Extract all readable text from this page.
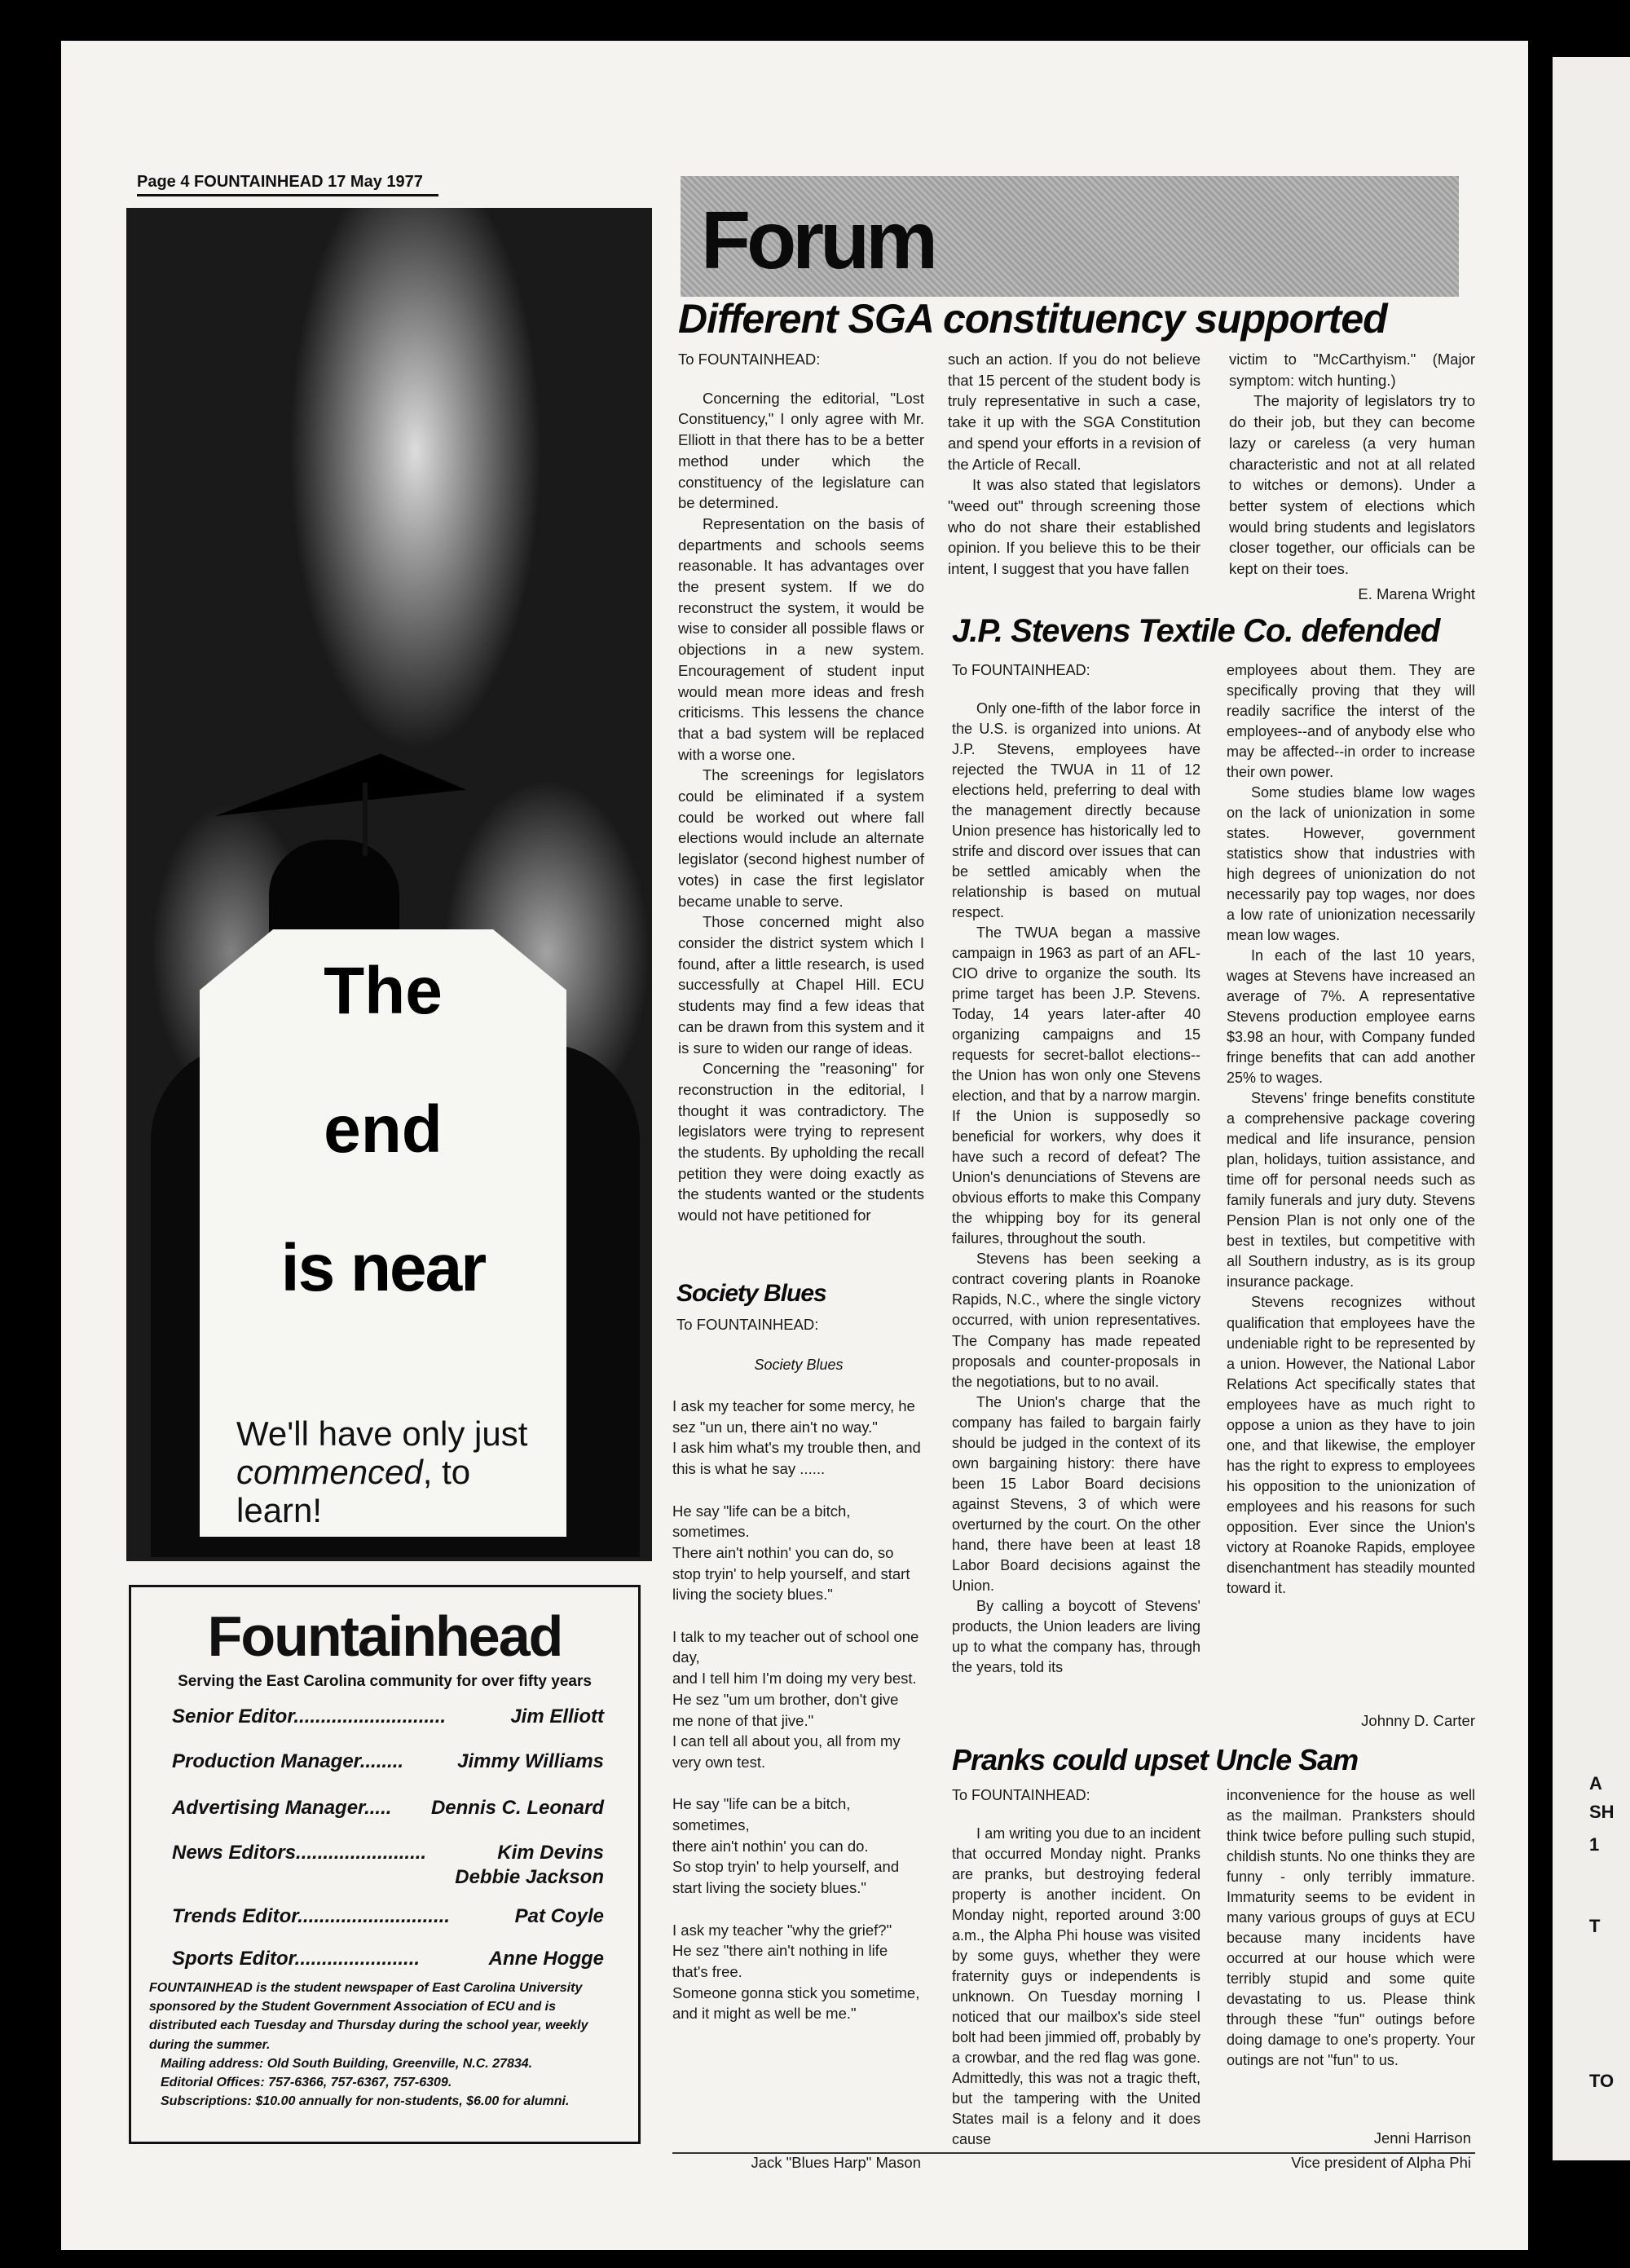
Page 4 FOUNTAINHEAD 17 May 1977
The
end
is near
We'll have only just commenced, to learn!
Fountainhead
Serving the East Carolina community for over fifty years
Senior Editor............................	Jim Elliott
Production Manager........	Jimmy Williams
Advertising Manager..... Dennis C. Leonard
News Editors........................	Kim Devins
Debbie Jackson
Trends Editor............................	Pat Coyle
Sports Editor.......................	Anne Hogge
FOUNTAINHEAD is the student newspaper of East Carolina University sponsored by the Student Government Association of ECU and is distributed each Tuesday and Thursday during the school year, weekly during the summer.
Mailing address: Old South Building, Greenville, N.C. 27834.
Editorial Offices: 757-6366, 757-6367, 757-6309.
Subscriptions: $10.00 annually for non-students, $6.00 for alumni.
Forum
Different SGA constituency supported

To FOUNTAINHEAD:

Concerning the editorial, "Lost Constituency," I only agree with Mr. Elliott in that there has to be a better method under which the constituency of the legislature can be determined.

Representation on the basis of departments and schools seems reasonable. It has advantages over the present system. If we do reconstruct the system, it would be wise to consider all possible flaws or objections in a new system. Encouragement of student input would mean more ideas and fresh criticisms. This lessens the chance that a bad system will be replaced with a worse one.

The screenings for legislators could be eliminated if a system could be worked out where fall elections would include an alternate legislator (second highest number of votes) in case the first legislator became unable to serve.

Those concerned might also consider the district system which I found, after a little research, is used successfully at Chapel Hill. ECU students may find a few ideas that can be drawn from this system and it is sure to widen our range of ideas.

Concerning the "reasoning" for reconstruction in the editorial, I thought it was contradictory. The legislators were trying to represent the students. By upholding the recall petition they were doing exactly as the students wanted or the students would not have petitioned for

such an action. If you do not believe that 15 percent of the student body is truly representative in such a case, take it up with the SGA Constitution and spend your efforts in a revision of the Article of Recall.

It was also stated that legislators "weed out" through screening those who do not share their established opinion. If you believe this to be their intent, I suggest that you have fallen

victim to "McCarthyism." (Major symptom: witch hunting.)

The majority of legislators try to do their job, but they can become lazy or careless (a very human characteristic and not at all related to witches or demons). Under a better system of elections which would bring students and legislators closer together, our officials can be kept on their toes.

E. Marena Wright
J.P. Stevens Textile Co. defended

To FOUNTAINHEAD:

Only one-fifth of the labor force in the U.S. is organized into unions. At J.P. Stevens, employees have rejected the TWUA in 11 of 12 elections held, preferring to deal with the management directly because Union presence has historically led to strife and discord over issues that can be settled amicably when the relationship is based on mutual respect.

The TWUA began a massive campaign in 1963 as part of an AFL-CIO drive to organize the south. Its prime target has been J.P. Stevens. Today, 14 years later-after 40 organizing campaigns and 15 requests for secret-ballot elections--the Union has won only one Stevens election, and that by a narrow margin. If the Union is supposedly so beneficial for workers, why does it have such a record of defeat? The Union's denunciations of Stevens are obvious efforts to make this Company the whipping boy for its general failures, throughout the south.

Stevens has been seeking a contract covering plants in Roanoke Rapids, N.C., where the single victory occurred, with union representatives. The Company has made repeated proposals and counter-proposals in the negotiations, but to no avail.

The Union's charge that the company has failed to bargain fairly should be judged in the context of its own bargaining history: there have been 15 Labor Board decisions against Stevens, 3 of which were overturned by the court. On the other hand, there have been at least 18 Labor Board decisions against the Union.

By calling a boycott of Stevens' products, the Union leaders are living up to what the company has, through the years, told its

employees about them. They are specifically proving that they will readily sacrifice the interst of the employees--and of anybody else who may be affected--in order to increase their own power.

Some studies blame low wages on the lack of unionization in some states. However, government statistics show that industries with high degrees of unionization do not necessarily pay top wages, nor does a low rate of unionization necessarily mean low wages.

In each of the last 10 years, wages at Stevens have increased an average of 7%. A representative Stevens production employee earns $3.98 an hour, with Company funded fringe benefits that can add another 25% to wages.

Stevens' fringe benefits constitute a comprehensive package covering medical and life insurance, pension plan, holidays, tuition assistance, and time off for personal needs such as family funerals and jury duty. Stevens Pension Plan is not only one of the best in textiles, but competitive with all Southern industry, as is its group insurance package.

Stevens recognizes without qualification that employees have the undeniable right to be represented by a union. However, the National Labor Relations Act specifically states that employees have as much right to oppose a union as they have to join one, and that likewise, the employer has the right to express to employees his opposition to the unionization of employees and his reasons for such opposition. Ever since the Union's victory at Roanoke Rapids, employee disenchantment has steadily mounted toward it.

Johnny D. Carter
Society Blues

To FOUNTAINHEAD:

Society Blues
I ask my teacher for some mercy, he sez "un un, there ain't no way."
I ask him what's my trouble then, and this is what he say ......

He say "life can be a bitch, sometimes.
There ain't nothin' you can do, so stop tryin' to help yourself, and start living the society blues."

I talk to my teacher out of school one day,
and I tell him I'm doing my very best.
He sez "um um brother, don't give me none of that jive."
I can tell all about you, all from my very own test.

He say "life can be a bitch, sometimes,
there ain't nothin' you can do.
So stop tryin' to help yourself, and start living the society blues."

I ask my teacher "why the grief?"
He sez "there ain't nothing in life that's free.
Someone gonna stick you sometime,
and it might as well be me."
Jack "Blues Harp" Mason
Pranks could upset Uncle Sam

To FOUNTAINHEAD:

I am writing you due to an incident that occurred Monday night. Pranks are pranks, but destroying federal property is another incident. On Monday night, reported around 3:00 a.m., the Alpha Phi house was visited by some guys, whether they were fraternity guys or independents is unknown. On Tuesday morning I noticed that our mailbox's side steel bolt had been jimmied off, probably by a crowbar, and the red flag was gone. Admittedly, this was not a tragic theft, but the tampering with the United States mail is a felony and it does cause

inconvenience for the house as well as the mailman. Pranksters should think twice before pulling such stupid, childish stunts. No one thinks they are funny - only terribly immature. Immaturity seems to be evident in many various groups of guys at ECU because many incidents have occurred at our house which were terribly stupid and some quite devastating to us. Please think through these "fun" outings before doing damage to one's property. Your outings are not "fun" to us.

Jenni Harrison
Vice president of Alpha Phi
A
SH
1
T
TO
